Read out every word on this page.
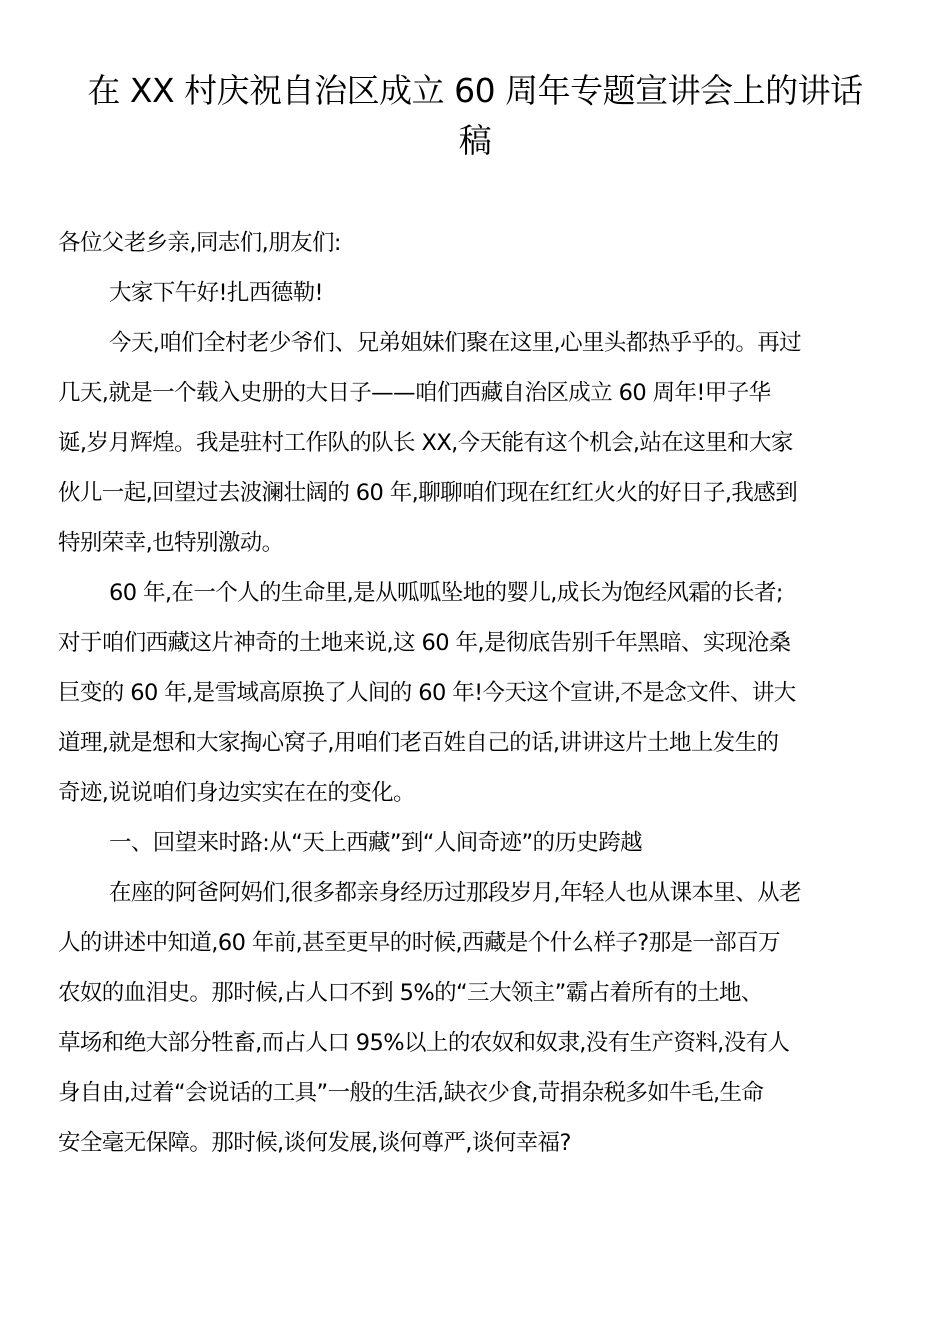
在 XX 村庆祝自治区成立 60 周年专题宣讲会上的讲话
稿
各位父老乡亲,同志们,朋友们:
大家下午好!扎西德勒!
今天,咱们全村老少爷们、兄弟姐妹们聚在这里,心里头都热乎乎的。再过
几天,就是一个载入史册的大日子——咱们西藏自治区成立 60 周年!甲子华
诞,岁月辉煌。我是驻村工作队的队长 XX,今天能有这个机会,站在这里和大家
伙儿一起,回望过去波澜壮阔的 60 年,聊聊咱们现在红红火火的好日子,我感到
特别荣幸,也特别激动。
60 年,在一个人的生命里,是从呱呱坠地的婴儿,成长为饱经风霜的长者;
对于咱们西藏这片神奇的土地来说,这 60 年,是彻底告别千年黑暗、实现沧桑
巨变的 60 年,是雪域高原换了人间的 60 年!今天这个宣讲,不是念文件、讲大
道理,就是想和大家掏心窝子,用咱们老百姓自己的话,讲讲这片土地上发生的
奇迹,说说咱们身边实实在在的变化。
一、回望来时路:从“天上西藏”到“人间奇迹”的历史跨越
在座的阿爸阿妈们,很多都亲身经历过那段岁月,年轻人也从课本里、从老
人的讲述中知道,60 年前,甚至更早的时候,西藏是个什么样子?那是一部百万
农奴的血泪史。那时候,占人口不到 5%的“三大领主”霸占着所有的土地、
草场和绝大部分牲畜,而占人口 95%以上的农奴和奴隶,没有生产资料,没有人
身自由,过着“会说话的工具”一般的生活,缺衣少食,苛捐杂税多如牛毛,生命
安全毫无保障。那时候,谈何发展,谈何尊严,谈何幸福?
